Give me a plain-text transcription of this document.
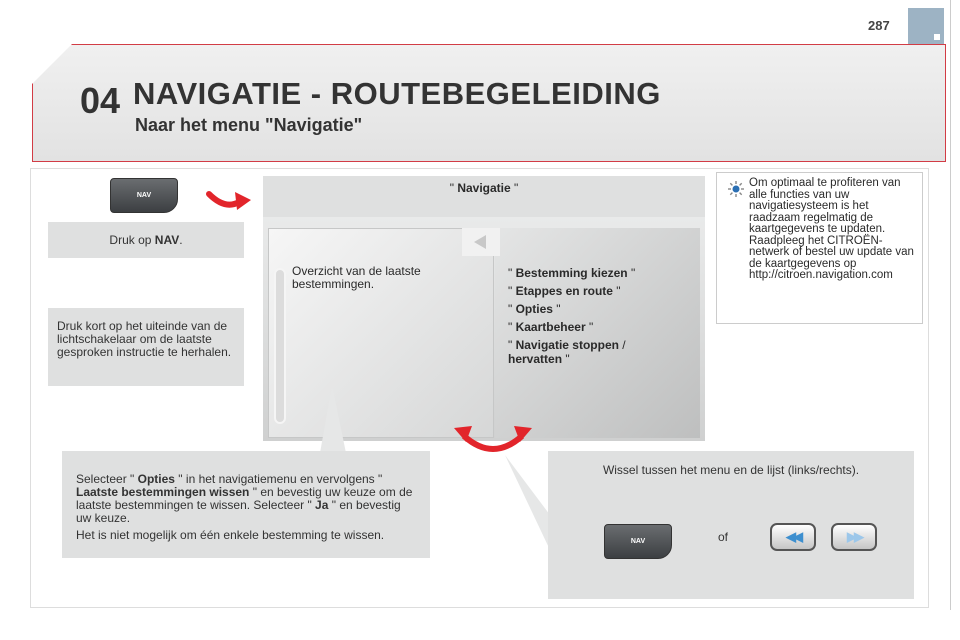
287
04 NAVIGATIE - ROUTEBEGELEIDING
Naar het menu "Navigatie"
NAV
Druk op NAV.
Druk kort op het uiteinde van de lichtschakelaar om de laatste gesproken instructie te herhalen.
" Navigatie "
Overzicht van de laatste bestemmingen.
" Bestemming kiezen "
" Etappes en route "
" Opties "
" Kaartbeheer "
" Navigatie stoppen /
hervatten "
Om optimaal te profiteren van alle functies van uw navigatiesysteem is het raadzaam regelmatig de kaartgegevens te updaten. Raadpleeg het CITROËN-netwerk of bestel uw update van de kaartgegevens op http://citroen.navigation.com
Selecteer " Opties " in het navigatiemenu en vervolgens " Laatste bestemmingen wissen " en bevestig uw keuze om de laatste bestemmingen te wissen. Selecteer " Ja " en bevestig uw keuze.
Het is niet mogelijk om één enkele bestemming te wissen.
Wissel tussen het menu en de lijst (links/rechts).
NAV	of	◀◀	▶▶
